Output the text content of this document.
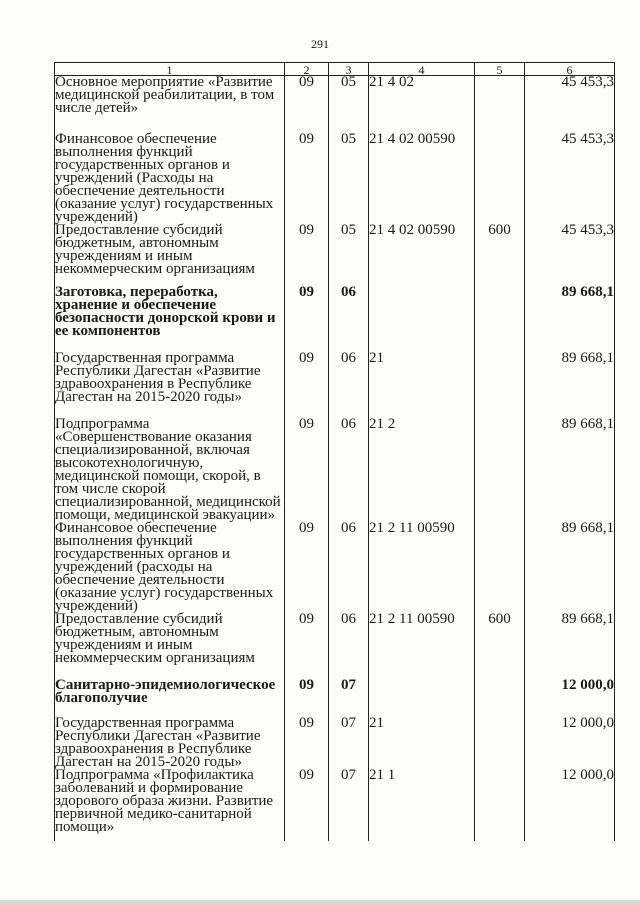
291
1	2	3	4	5	6
Основное мероприятие «Развитие медицинской реабилитации, в том числе детей»	09	05	21 4 02		45 453,3
Финансовое обеспечение выполнения функций государственных органов и учреждений (Расходы на обеспечение деятельности (оказание услуг) государственных учреждений)	09	05	21 4 02 00590		45 453,3
Предоставление субсидий бюджетным, автономным учреждениям и иным некоммерческим организациям	09	05	21 4 02 00590	600	45 453,3
Заготовка, переработка, хранение и обеспечение безопасности донорской крови и ее компонентов	09	06			89 668,1
Государственная программа Республики Дагестан «Развитие здравоохранения в Республике Дагестан на 2015-2020 годы»	09	06	21		89 668,1
Подпрограмма «Совершенствование оказания специализированной, включая высокотехнологичную, медицинской помощи, скорой, в том числе скорой специализированной, медицинской помощи, медицинской эвакуации»	09	06	21 2		89 668,1
Финансовое обеспечение выполнения функций государственных органов и учреждений (расходы на обеспечение деятельности (оказание услуг) государственных учреждений)	09	06	21 2 11 00590		89 668,1
Предоставление субсидий бюджетным, автономным учреждениям и иным некоммерческим организациям	09	06	21 2 11 00590	600	89 668,1
Санитарно-эпидемиологическое благополучие	09	07			12 000,0
Государственная программа Республики Дагестан «Развитие здравоохранения в Республике Дагестан на 2015-2020 годы»	09	07	21		12 000,0
Подпрограмма «Профилактика заболеваний и формирование здорового образа жизни. Развитие первичной медико-санитарной помощи»	09	07	21 1		12 000,0
